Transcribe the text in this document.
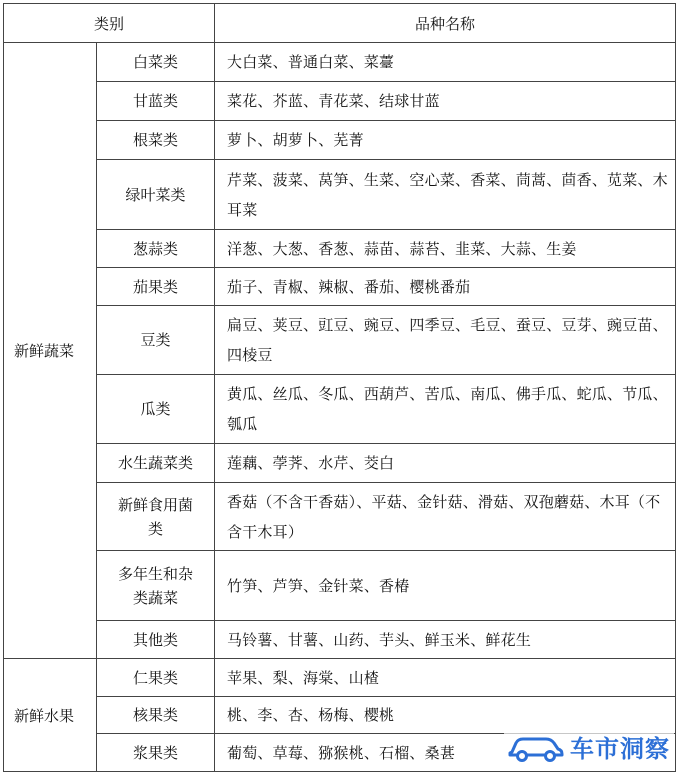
类别		品种名称
新鲜蔬菜	白菜类	大白菜、普通白菜、菜薹
	甘蓝类	菜花、芥蓝、青花菜、结球甘蓝
	根菜类	萝卜、胡萝卜、芜菁
	绿叶菜类	芹菜、菠菜、莴笋、生菜、空心菜、香菜、茼蒿、茴香、苋菜、木耳菜
	葱蒜类	洋葱、大葱、香葱、蒜苗、蒜苔、韭菜、大蒜、生姜
	茄果类	茄子、青椒、辣椒、番茄、樱桃番茄
	豆类	扁豆、荚豆、豇豆、豌豆、四季豆、毛豆、蚕豆、豆芽、豌豆苗、四棱豆
	瓜类	黄瓜、丝瓜、冬瓜、西葫芦、苦瓜、南瓜、佛手瓜、蛇瓜、节瓜、瓠瓜
	水生蔬菜类	莲藕、荸荠、水芹、茭白
	新鲜食用菌类	香菇（不含干香菇）、平菇、金针菇、滑菇、双孢蘑菇、木耳（不含干木耳）
	多年生和杂类蔬菜	竹笋、芦笋、金针菜、香椿
	其他类	马铃薯、甘薯、山药、芋头、鲜玉米、鲜花生
新鲜水果	仁果类	苹果、梨、海棠、山楂
	核果类	桃、李、杏、杨梅、樱桃
	浆果类	葡萄、草莓、猕猴桃、石榴、桑葚	车市洞察
